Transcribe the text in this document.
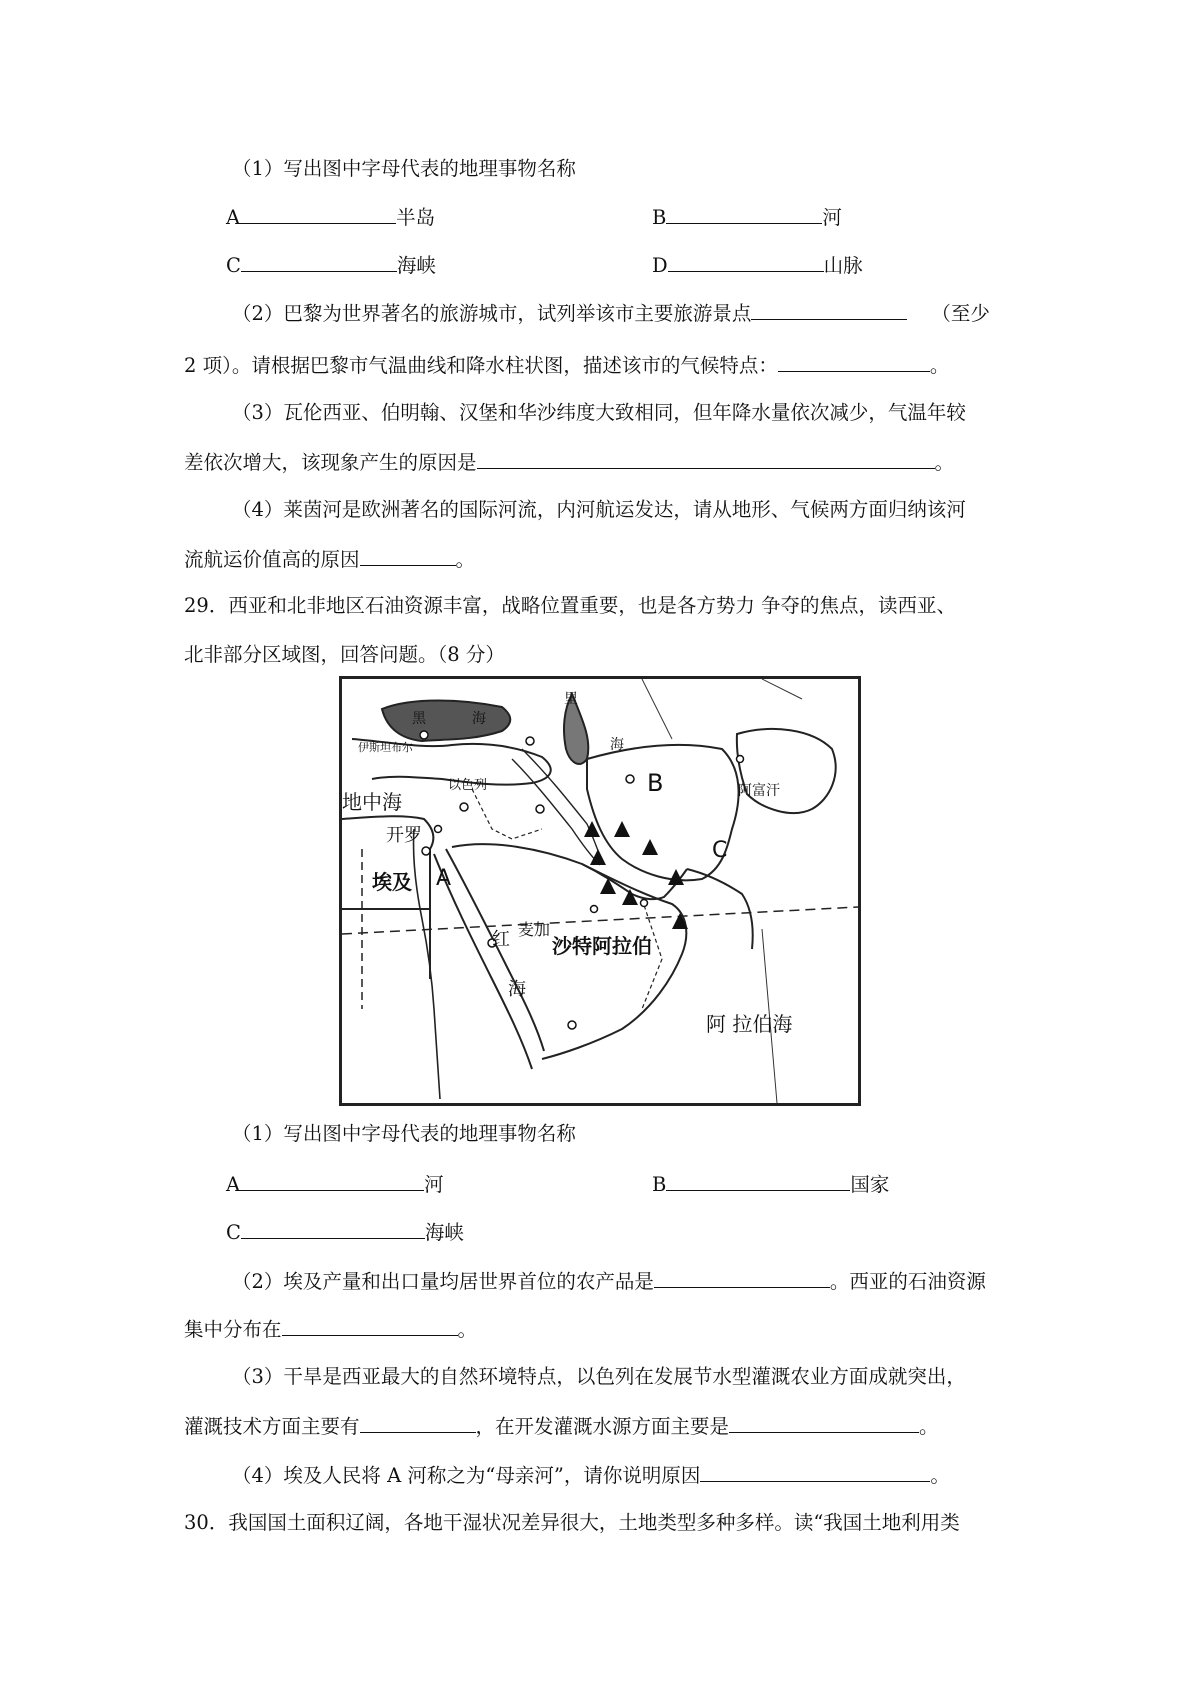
（1）写出图中字母代表的地理事物名称
A	半岛	B	河
C	海峡	D	山脉
（2）巴黎为世界著名的旅游城市，试列举该市主要旅游景点	（至少
2 项）。请根据巴黎市气温曲线和降水柱状图，描述该市的气候特点：	。
（3）瓦伦西亚、伯明翰、汉堡和华沙纬度大致相同，但年降水量依次减少，气温年较
差依次增大，该现象产生的原因是	。
（4）莱茵河是欧洲著名的国际河流，内河航运发达，请从地形、气候两方面归纳该河
流航运价值高的原因	。
29．西亚和北非地区石油资源丰富，战略位置重要，也是各方势力 争夺的焦点，读西亚、
北非部分区域图，回答问题。（8 分）
黑	海
里
海
伊斯坦布尔
阿富汗
以色列
地中海
开罗
埃及 A
B
C
红 麦加
海
沙特阿拉伯
阿 拉伯海
（1）写出图中字母代表的地理事物名称
A	河	B	国家
C	海峡
（2）埃及产量和出口量均居世界首位的农产品是	。西亚的石油资源
集中分布在	。
（3）干旱是西亚最大的自然环境特点，以色列在发展节水型灌溉农业方面成就突出，
灌溉技术方面主要有	，在开发灌溉水源方面主要是	。
（4）埃及人民将 A 河称之为“母亲河”，请你说明原因	。
30．我国国土面积辽阔，各地干湿状况差异很大，土地类型多种多样。读“我国土地利用类
